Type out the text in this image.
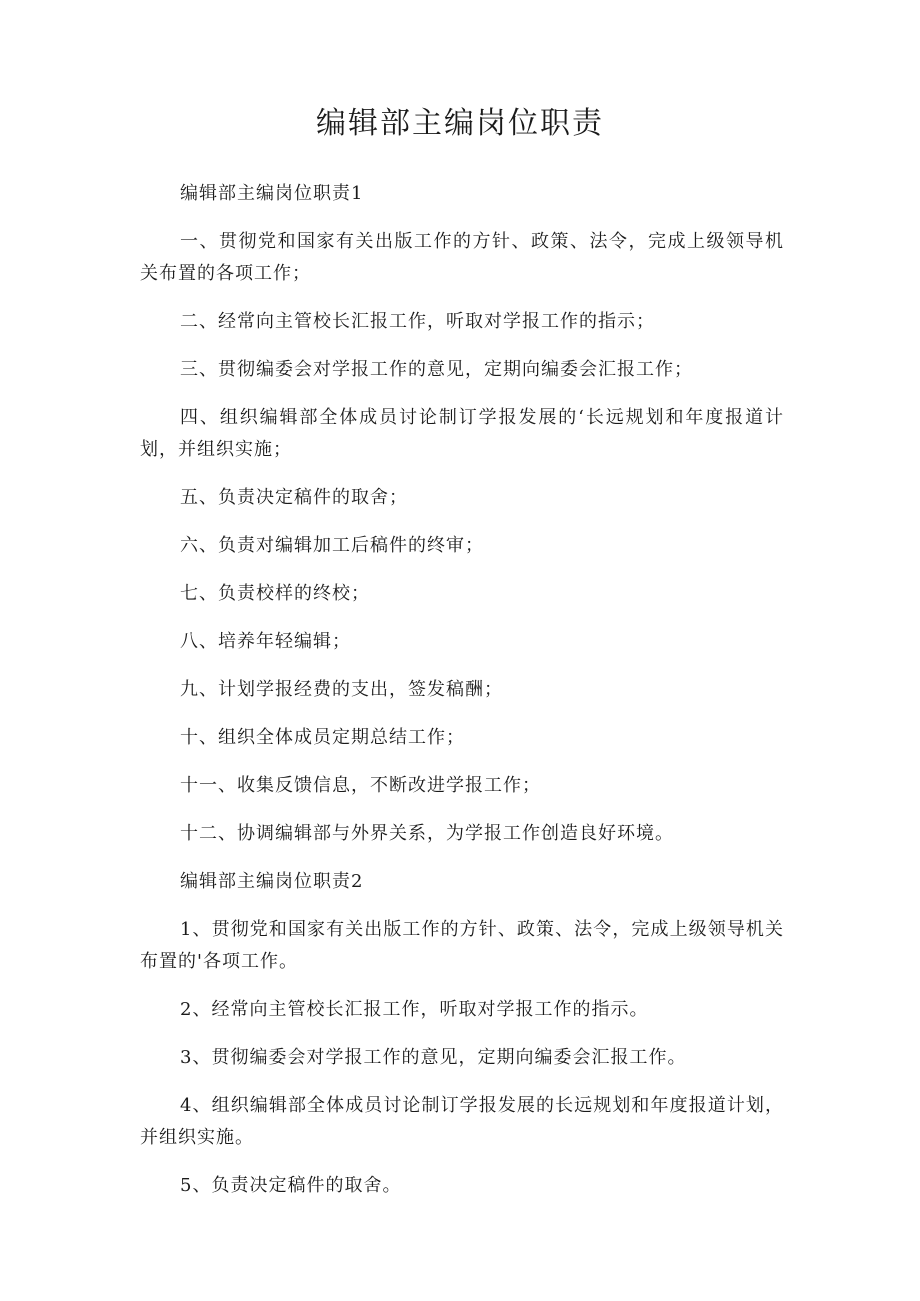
编辑部主编岗位职责

编辑部主编岗位职责1

一、贯彻党和国家有关出版工作的方针、政策、法令，完成上级领导机关布置的各项工作；

二、经常向主管校长汇报工作，听取对学报工作的指示；

三、贯彻编委会对学报工作的意见，定期向编委会汇报工作；

四、组织编辑部全体成员讨论制订学报发展的‘长远规划和年度报道计划，并组织实施；

五、负责决定稿件的取舍；

六、负责对编辑加工后稿件的终审；

七、负责校样的终校；

八、培养年轻编辑；

九、计划学报经费的支出，签发稿酬；

十、组织全体成员定期总结工作；

十一、收集反馈信息，不断改进学报工作；

十二、协调编辑部与外界关系，为学报工作创造良好环境。

编辑部主编岗位职责2

1、贯彻党和国家有关出版工作的方针、政策、法令，完成上级领导机关布置的'各项工作。

2、经常向主管校长汇报工作，听取对学报工作的指示。

3、贯彻编委会对学报工作的意见，定期向编委会汇报工作。

4、组织编辑部全体成员讨论制订学报发展的长远规划和年度报道计划，并组织实施。

5、负责决定稿件的取舍。
